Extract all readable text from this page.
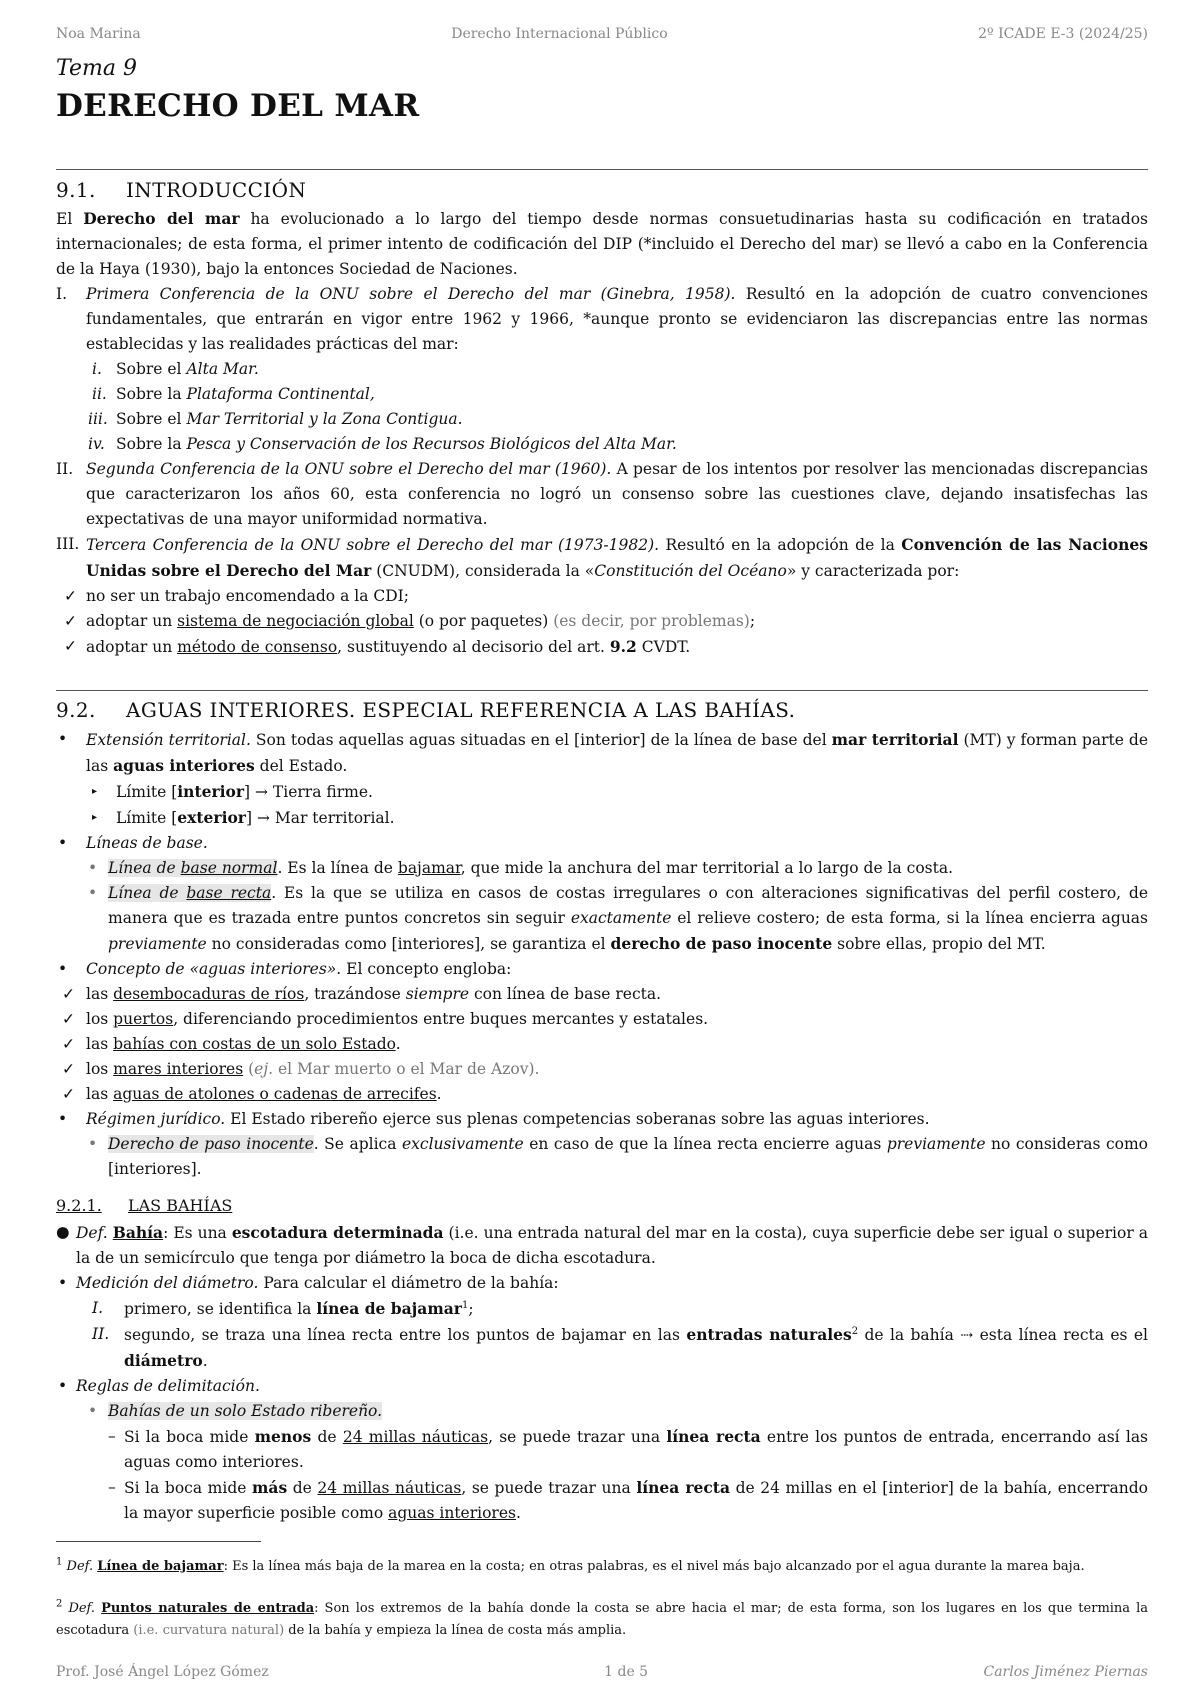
Noa Marina	Derecho Internacional Público	2º ICADE E-3 (2024/25)
Tema 9
DERECHO DEL MAR
9.1. INTRODUCCIÓN
El Derecho del mar ha evolucionado a lo largo del tiempo desde normas consuetudinarias hasta su codificación en tratados internacionales; de esta forma, el primer intento de codificación del DIP (*incluido el Derecho del mar) se llevó a cabo en la Conferencia de la Haya (1930), bajo la entonces Sociedad de Naciones.
I. Primera Conferencia de la ONU sobre el Derecho del mar (Ginebra, 1958). Resultó en la adopción de cuatro convenciones fundamentales, que entrarán en vigor entre 1962 y 1966, *aunque pronto se evidenciaron las discrepancias entre las normas establecidas y las realidades prácticas del mar:
i. Sobre el Alta Mar.
ii. Sobre la Plataforma Continental,
iii. Sobre el Mar Territorial y la Zona Contigua.
iv. Sobre la Pesca y Conservación de los Recursos Biológicos del Alta Mar.
II. Segunda Conferencia de la ONU sobre el Derecho del mar (1960). A pesar de los intentos por resolver las mencionadas discrepancias que caracterizaron los años 60, esta conferencia no logró un consenso sobre las cuestiones clave, dejando insatisfechas las expectativas de una mayor uniformidad normativa.
III. Tercera Conferencia de la ONU sobre el Derecho del mar (1973-1982). Resultó en la adopción de la Convención de las Naciones Unidas sobre el Derecho del Mar (CNUDM), considerada la «Constitución del Océano» y caracterizada por:
✓ no ser un trabajo encomendado a la CDI;
✓ adoptar un sistema de negociación global (o por paquetes) (es decir, por problemas);
✓ adoptar un método de consenso, sustituyendo al decisorio del art. 9.2 CVDT.
9.2. AGUAS INTERIORES. ESPECIAL REFERENCIA A LAS BAHÍAS.
• Extensión territorial. Son todas aquellas aguas situadas en el [interior] de la línea de base del mar territorial (MT) y forman parte de las aguas interiores del Estado.
▸ Límite [interior] → Tierra firme.
▸ Límite [exterior] → Mar territorial.
• Líneas de base.
• Línea de base normal. Es la línea de bajamar, que mide la anchura del mar territorial a lo largo de la costa.
• Línea de base recta. Es la que se utiliza en casos de costas irregulares o con alteraciones significativas del perfil costero, de manera que es trazada entre puntos concretos sin seguir exactamente el relieve costero; de esta forma, si la línea encierra aguas previamente no consideradas como [interiores], se garantiza el derecho de paso inocente sobre ellas, propio del MT.
• Concepto de «aguas interiores». El concepto engloba:
✓ las desembocaduras de ríos, trazándose siempre con línea de base recta.
✓ los puertos, diferenciando procedimientos entre buques mercantes y estatales.
✓ las bahías con costas de un solo Estado.
✓ los mares interiores (ej. el Mar muerto o el Mar de Azov).
✓ las aguas de atolones o cadenas de arrecifes.
• Régimen jurídico. El Estado ribereño ejerce sus plenas competencias soberanas sobre las aguas interiores.
• Derecho de paso inocente. Se aplica exclusivamente en caso de que la línea recta encierre aguas previamente no consideras como [interiores].
9.2.1. LAS BAHÍAS
● Def. Bahía: Es una escotadura determinada (i.e. una entrada natural del mar en la costa), cuya superficie debe ser igual o superior a la de un semicírculo que tenga por diámetro la boca de dicha escotadura.
• Medición del diámetro. Para calcular el diámetro de la bahía:
I. primero, se identifica la línea de bajamar$^1$;
II. segundo, se traza una línea recta entre los puntos de bajamar en las entradas naturales$^2$ de la bahía ⇢ esta línea recta es el diámetro.
• Reglas de delimitación.
• Bahías de un solo Estado ribereño.
– Si la boca mide menos de 24 millas náuticas, se puede trazar una línea recta entre los puntos de entrada, encerrando así las aguas como interiores.
– Si la boca mide más de 24 millas náuticas, se puede trazar una línea recta de 24 millas en el [interior] de la bahía, encerrando la mayor superficie posible como aguas interiores.
$^1$ Def. Línea de bajamar: Es la línea más baja de la marea en la costa; en otras palabras, es el nivel más bajo alcanzado por el agua durante la marea baja.
$^2$ Def. Puntos naturales de entrada: Son los extremos de la bahía donde la costa se abre hacia el mar; de esta forma, son los lugares en los que termina la escotadura (i.e. curvatura natural) de la bahía y empieza la línea de costa más amplia.
Prof. José Ángel López Gómez	1 de 5	Carlos Jiménez Piernas
